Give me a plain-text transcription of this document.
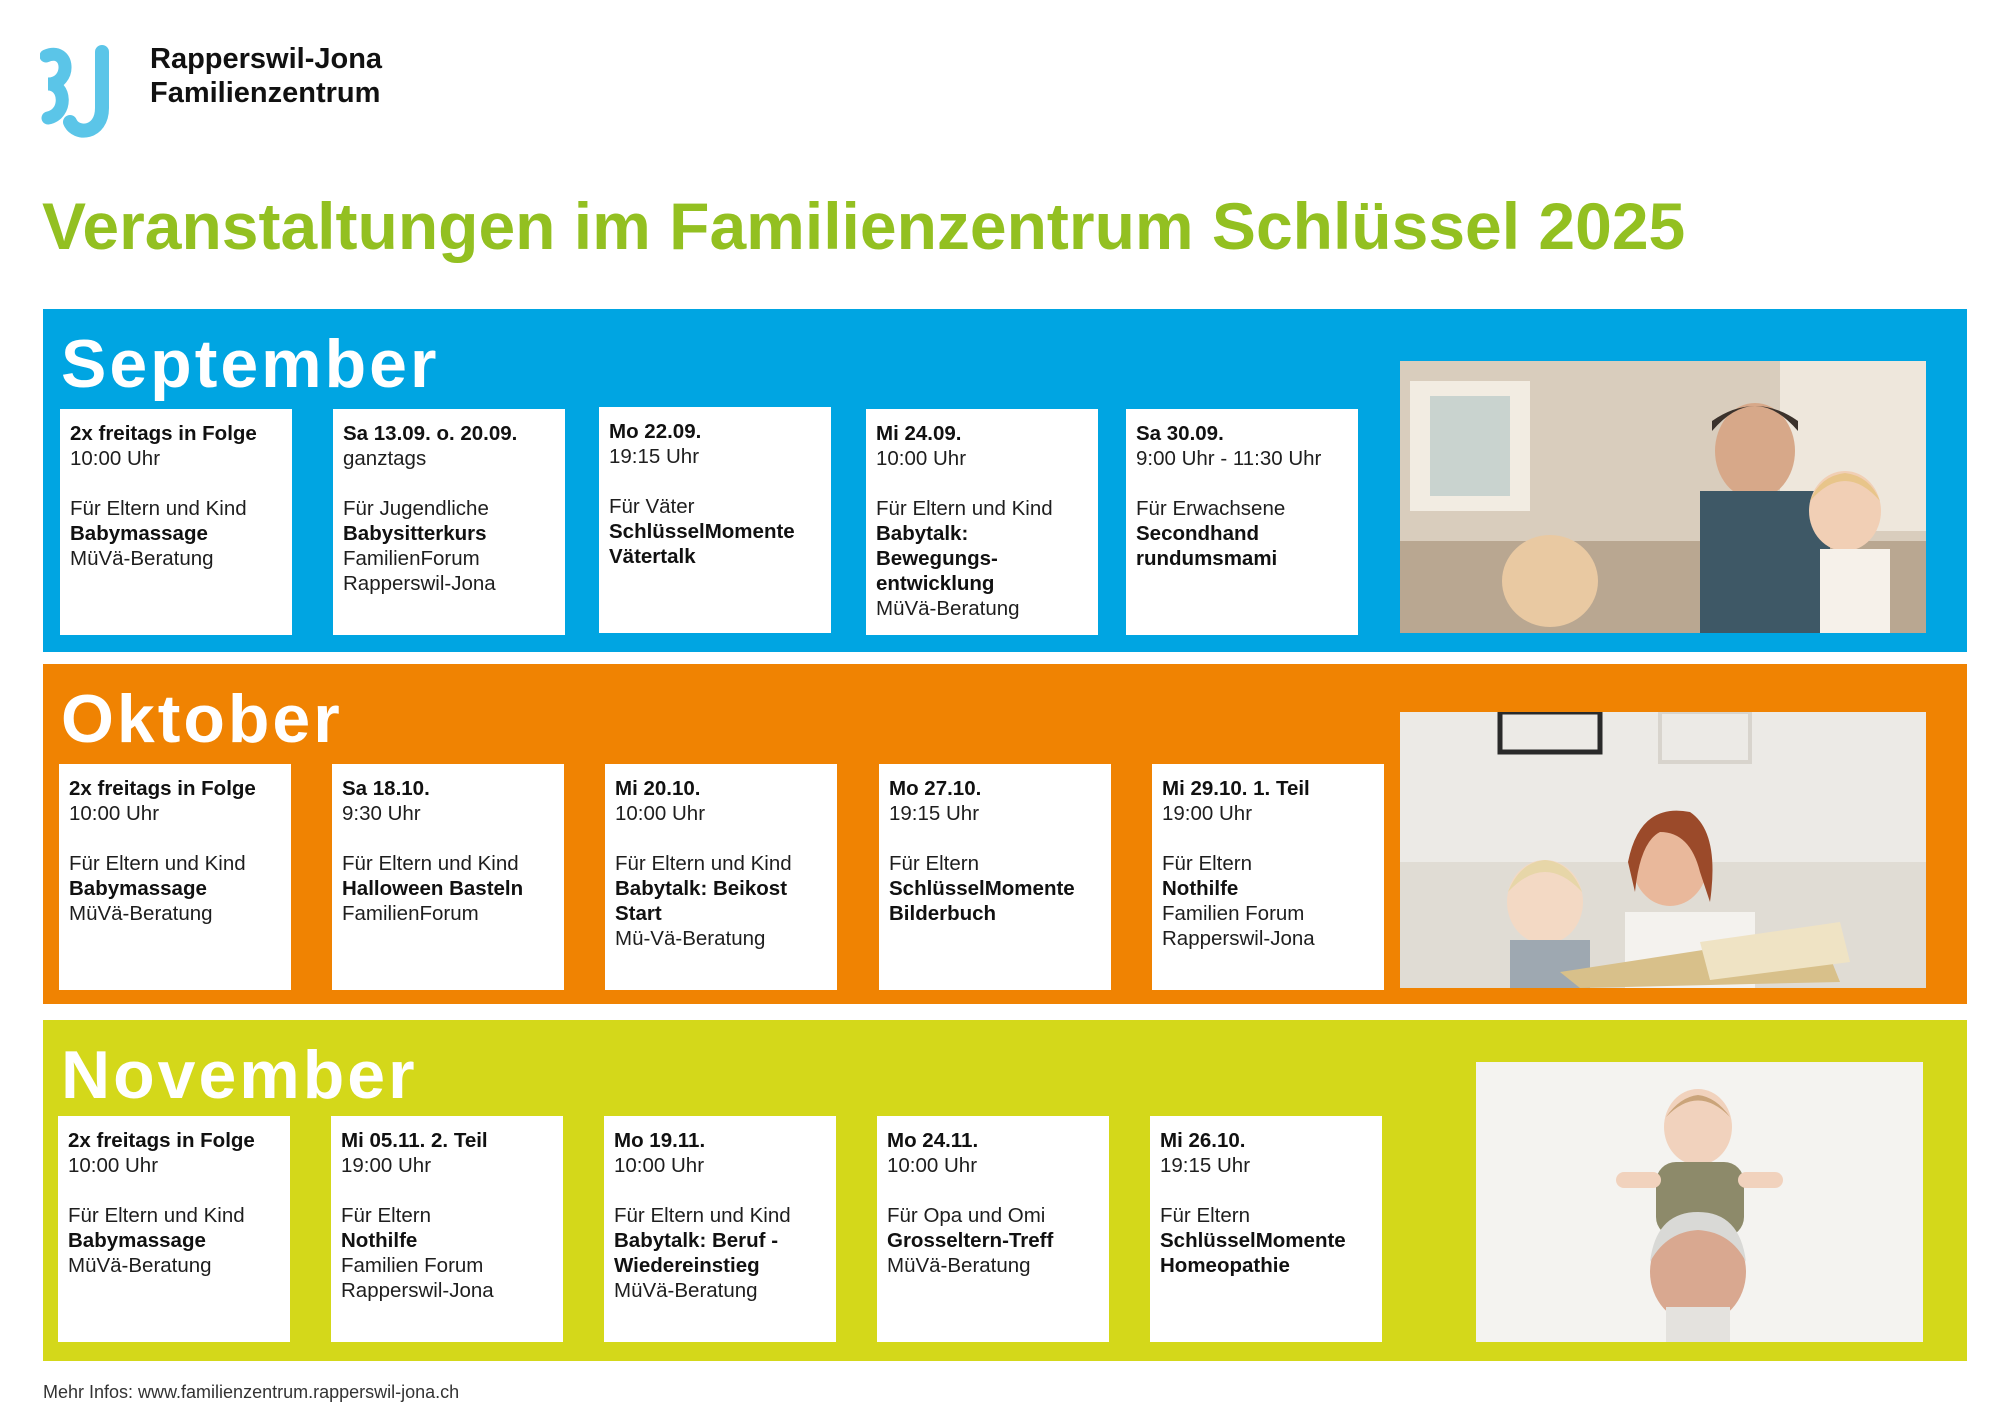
Rapperswil-Jona
Familienzentrum
Veranstaltungen im Familienzentrum Schlüssel 2025
September
2x freitags in Folge
10:00 Uhr
Für Eltern und Kind
Babymassage
MüVä-Beratung
Sa 13.09. o. 20.09.
ganztags
Für Jugendliche
Babysitterkurs
FamilienForum
Rapperswil-Jona
Mo 22.09.
19:15 Uhr
Für Väter
SchlüsselMomente Vätertalk
Mi 24.09.
10:00 Uhr
Für Eltern und Kind
Babytalk: Bewegungs-entwicklung
MüVä-Beratung
Sa 30.09.
9:00 Uhr - 11:30 Uhr
Für Erwachsene
Secondhand rundumsmami
Oktober
2x freitags in Folge
10:00 Uhr
Für Eltern und Kind
Babymassage
MüVä-Beratung
Sa 18.10.
9:30 Uhr
Für Eltern und Kind
Halloween Basteln
FamilienForum
Mi 20.10.
10:00 Uhr
Für Eltern und Kind
Babytalk: Beikost Start
Mü-Vä-Beratung
Mo 27.10.
19:15 Uhr
Für Eltern
SchlüsselMomente Bilderbuch
Mi 29.10. 1. Teil
19:00 Uhr
Für Eltern
Nothilfe
Familien Forum
Rapperswil-Jona
November
2x freitags in Folge
10:00 Uhr
Für Eltern und Kind
Babymassage
MüVä-Beratung
Mi 05.11. 2. Teil
19:00 Uhr
Für Eltern
Nothilfe
Familien Forum
Rapperswil-Jona
Mo 19.11.
10:00 Uhr
Für Eltern und Kind
Babytalk: Beruf - Wiedereinstieg
MüVä-Beratung
Mo 24.11.
10:00 Uhr
Für Opa und Omi
Grosseltern-Treff
MüVä-Beratung
Mi 26.10.
19:15 Uhr
Für Eltern
SchlüsselMomente Homeopathie
Mehr Infos: www.familienzentrum.rapperswil-jona.ch
